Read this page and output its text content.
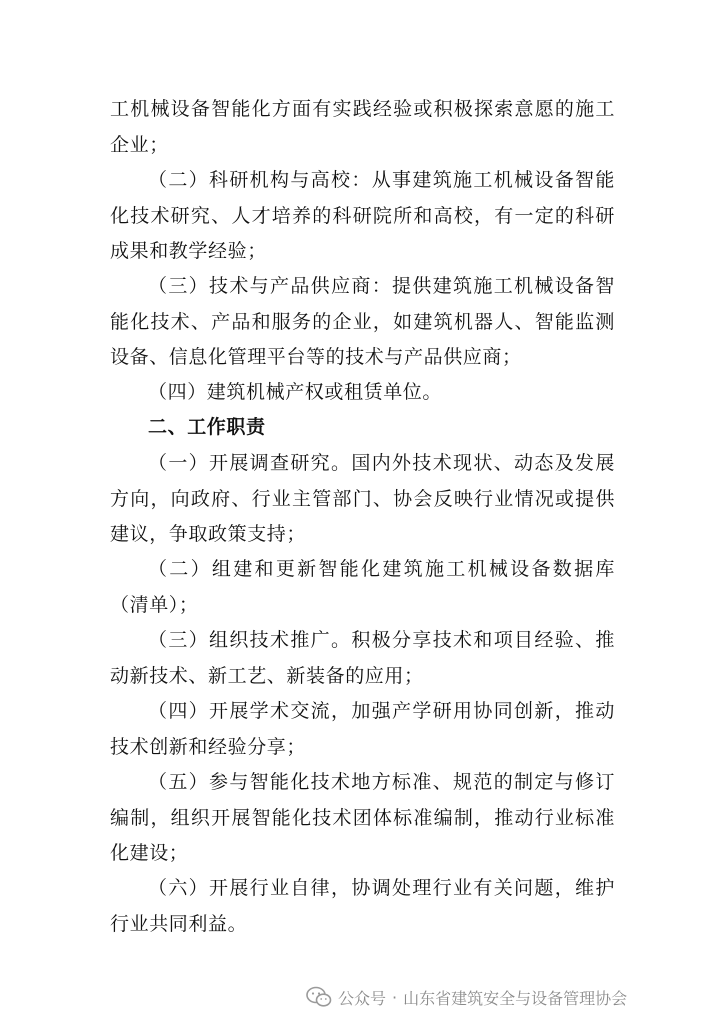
工机械设备智能化方面有实践经验或积极探索意愿的施工企业；

（二）科研机构与高校：从事建筑施工机械设备智能化技术研究、人才培养的科研院所和高校，有一定的科研成果和教学经验；

（三）技术与产品供应商：提供建筑施工机械设备智能化技术、产品和服务的企业，如建筑机器人、智能监测设备、信息化管理平台等的技术与产品供应商；

（四）建筑机械产权或租赁单位。

二、工作职责

（一）开展调查研究。国内外技术现状、动态及发展方向，向政府、行业主管部门、协会反映行业情况或提供建议，争取政策支持；

（二）组建和更新智能化建筑施工机械设备数据库（清单）；

（三）组织技术推广。积极分享技术和项目经验、推动新技术、新工艺、新装备的应用；

（四）开展学术交流，加强产学研用协同创新，推动技术创新和经验分享；

（五）参与智能化技术地方标准、规范的制定与修订编制，组织开展智能化技术团体标准编制，推动行业标准化建设；

（六）开展行业自律，协调处理行业有关问题，维护行业共同利益。

公众号 · 山东省建筑安全与设备管理协会
